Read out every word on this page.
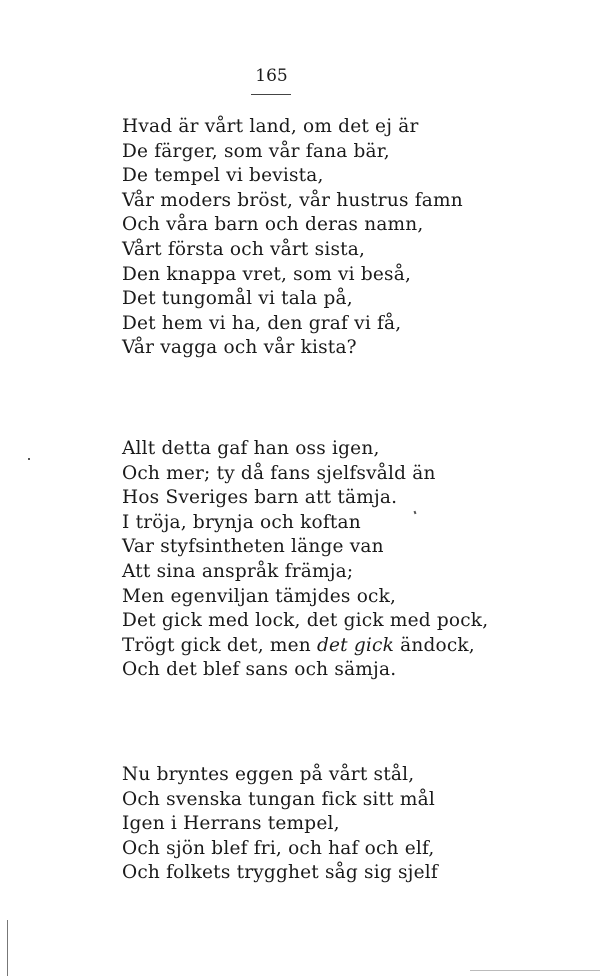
165
Hvad är vårt land, om det ej är
De färger, som vår fana bär,
De tempel vi bevista,
Vår moders bröst, vår hustrus famn
Och våra barn och deras namn,
Vårt första och vårt sista,
Den knappa vret, som vi beså,
Det tungomål vi tala på,
Det hem vi ha, den graf vi få,
Vår vagga och vår kista?
Allt detta gaf han oss igen,
Och mer; ty då fans sjelfsvåld än
Hos Sveriges barn att tämja.
I tröja, brynja och koftan
Var styfsintheten länge van
Att sina anspråk främja;
Men egenviljan tämjdes ock,
Det gick med lock, det gick med pock,
Trögt gick det, men det gick ändock,
Och det blef sans och sämja.
Nu bryntes eggen på vårt stål,
Och svenska tungan fick sitt mål
Igen i Herrans tempel,
Och sjön blef fri, och haf och elf,
Och folkets trygghet såg sig sjelf
